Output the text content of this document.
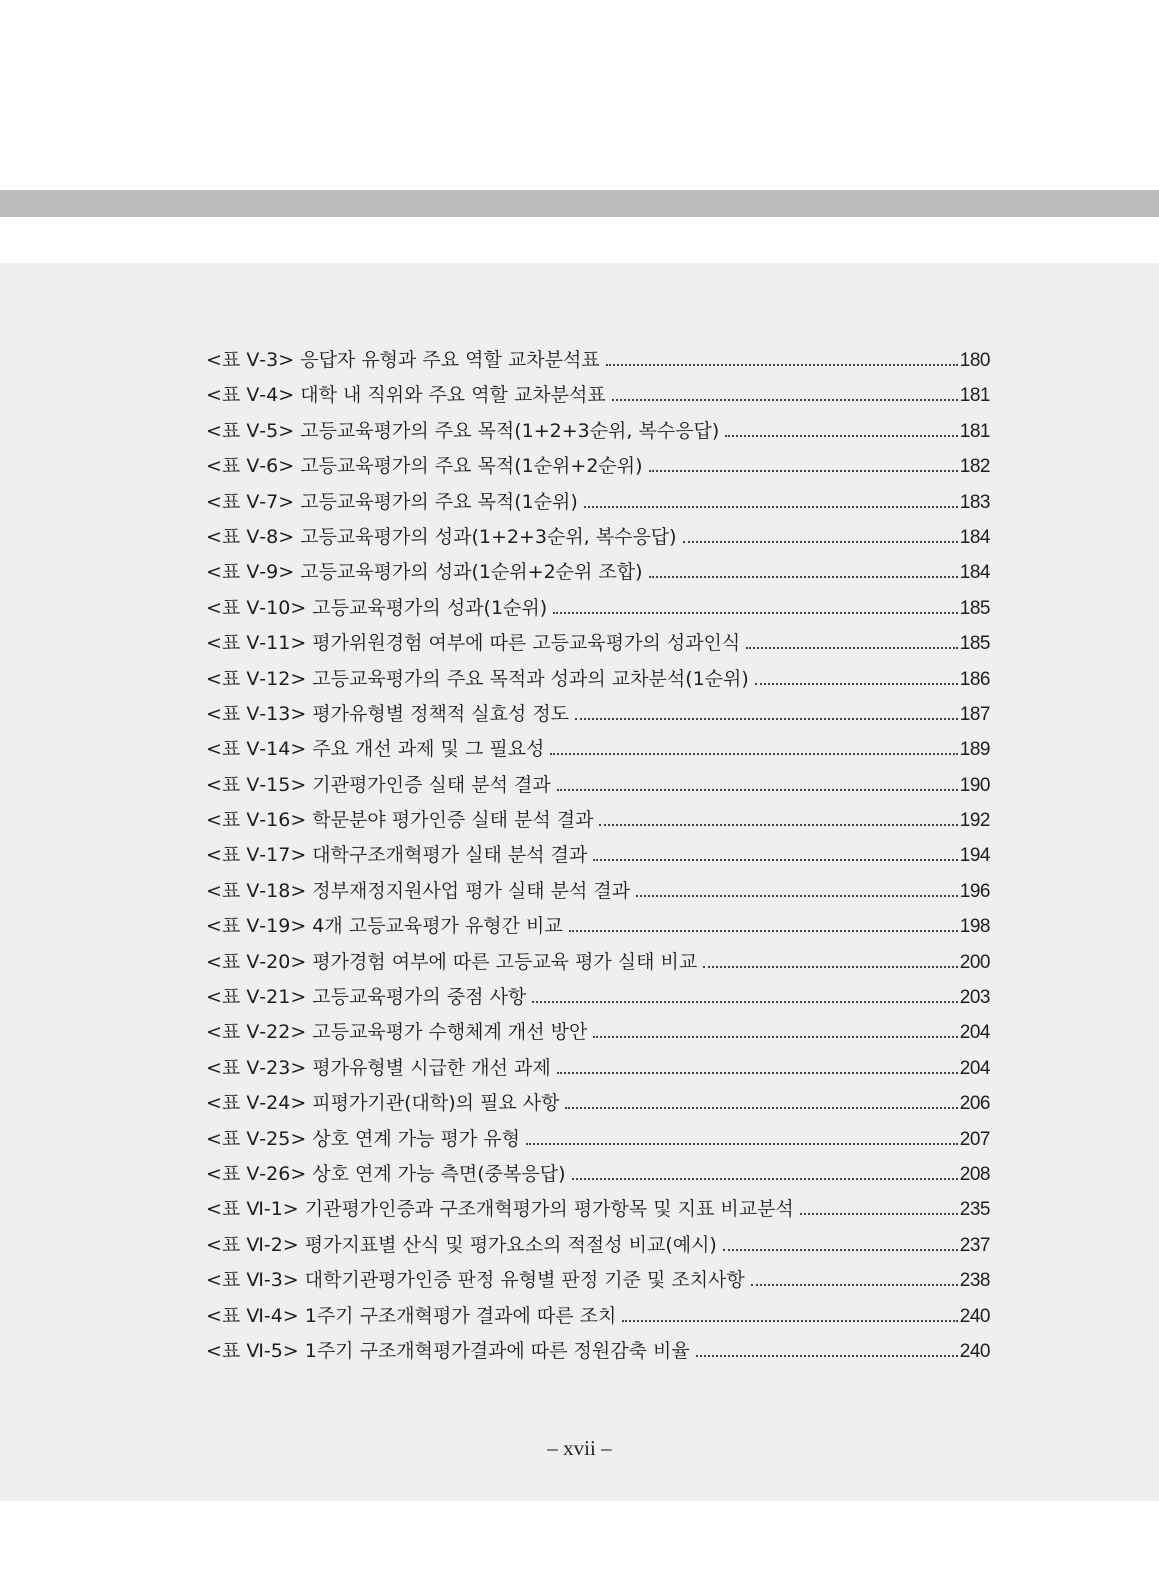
<표 Ⅴ-3> 응답자 유형과 주요 역할 교차분석표	180
<표 Ⅴ-4> 대학 내 직위와 주요 역할 교차분석표	181
<표 Ⅴ-5> 고등교육평가의 주요 목적(1+2+3순위, 복수응답)	181
<표 Ⅴ-6> 고등교육평가의 주요 목적(1순위+2순위)	182
<표 Ⅴ-7> 고등교육평가의 주요 목적(1순위)	183
<표 Ⅴ-8> 고등교육평가의 성과(1+2+3순위, 복수응답)	184
<표 Ⅴ-9> 고등교육평가의 성과(1순위+2순위 조합)	184
<표 Ⅴ-10> 고등교육평가의 성과(1순위)	185
<표 Ⅴ-11> 평가위원경험 여부에 따른 고등교육평가의 성과인식	185
<표 Ⅴ-12> 고등교육평가의 주요 목적과 성과의 교차분석(1순위)	186
<표 Ⅴ-13> 평가유형별 정책적 실효성 정도	187
<표 Ⅴ-14> 주요 개선 과제 및 그 필요성	189
<표 Ⅴ-15> 기관평가인증 실태 분석 결과	190
<표 Ⅴ-16> 학문분야 평가인증 실태 분석 결과	192
<표 Ⅴ-17> 대학구조개혁평가 실태 분석 결과	194
<표 Ⅴ-18> 정부재정지원사업 평가 실태 분석 결과	196
<표 Ⅴ-19> 4개 고등교육평가 유형간 비교	198
<표 Ⅴ-20> 평가경험 여부에 따른 고등교육 평가 실태 비교	200
<표 Ⅴ-21> 고등교육평가의 중점 사항	203
<표 Ⅴ-22> 고등교육평가 수행체계 개선 방안	204
<표 Ⅴ-23> 평가유형별 시급한 개선 과제	204
<표 Ⅴ-24> 피평가기관(대학)의 필요 사항	206
<표 Ⅴ-25> 상호 연계 가능 평가 유형	207
<표 Ⅴ-26> 상호 연계 가능 측면(중복응답)	208
<표 Ⅵ-1> 기관평가인증과 구조개혁평가의 평가항목 및 지표 비교분석	235
<표 Ⅵ-2> 평가지표별 산식 및 평가요소의 적절성 비교(예시)	237
<표 Ⅵ-3> 대학기관평가인증 판정 유형별 판정 기준 및 조치사항	238
<표 Ⅵ-4> 1주기 구조개혁평가 결과에 따른 조치	240
<표 Ⅵ-5> 1주기 구조개혁평가결과에 따른 정원감축 비율	240
– xvii –
